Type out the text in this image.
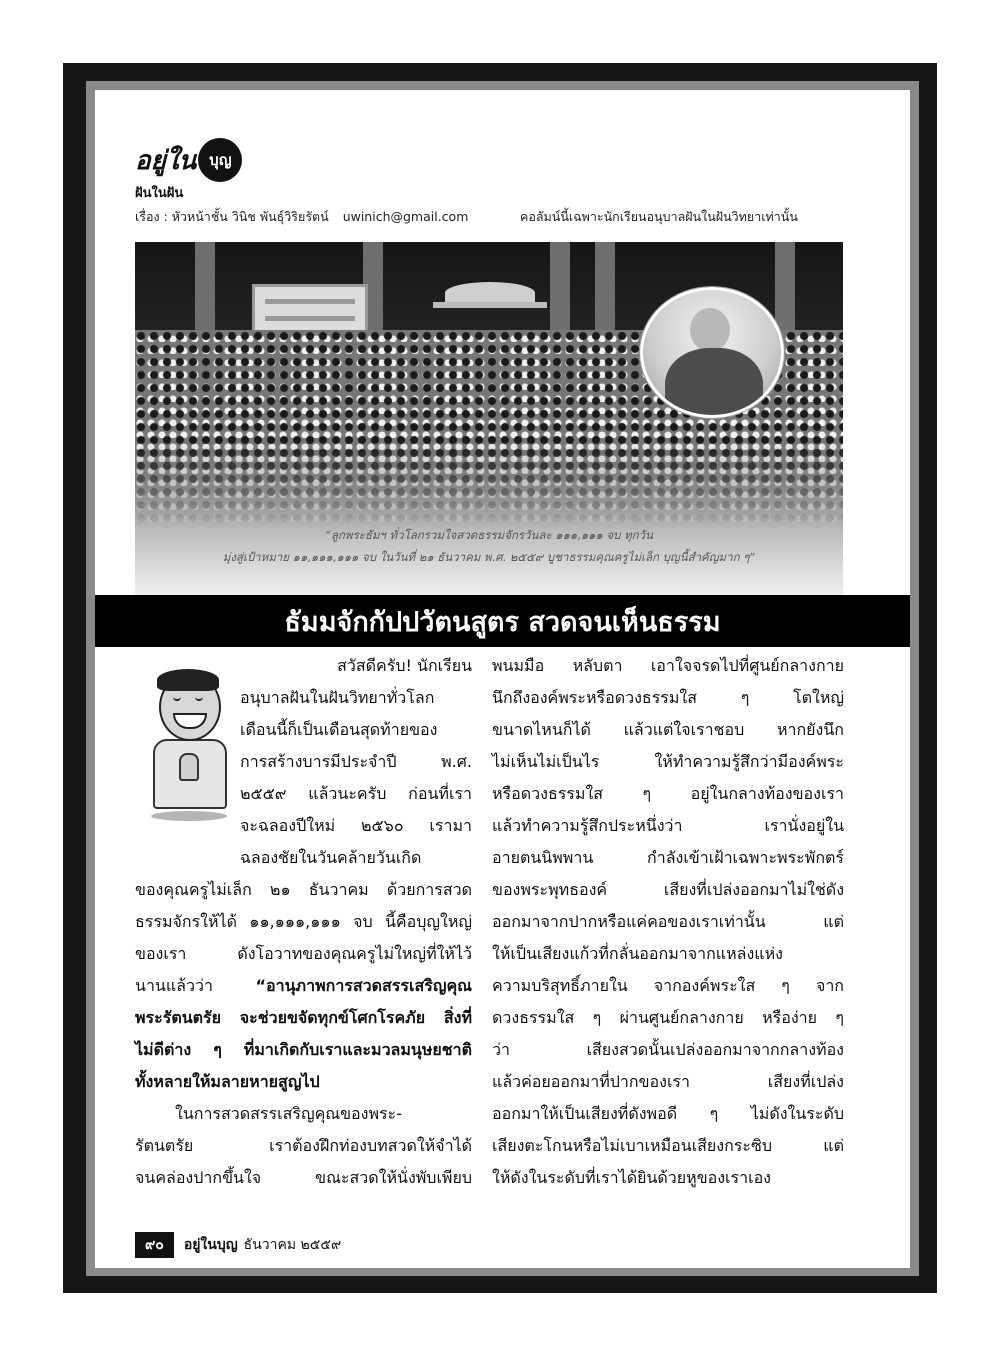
อยู่ใน บุญ
ฝันในฝัน
เรื่อง : หัวหน้าชั้น วินิช พันธุ์วิริยรัตน์ uwinich@gmail.com	คอลัมน์นี้เฉพาะนักเรียนอนุบาลฝันในฝันวิทยาเท่านั้น
“ลูกพระธัมฯ ทั่วโลกรวมใจสวดธรรมจักรวันละ ๑๑๑,๑๑๑ จบ ทุกวัน
มุ่งสู่เป้าหมาย ๑๑,๑๑๑,๑๑๑ จบ ในวันที่ ๒๑ ธันวาคม พ.ศ. ๒๕๕๙ บูชาธรรมคุณครูไม่เล็ก บุญนี้สำคัญมาก ๆ”
ธัมมจักกัปปวัตนสูตร สวดจนเห็นธรรม
สวัสดีครับ! นักเรียน
อนุบาลฝันในฝันวิทยาทั่วโลก
เดือนนี้ก็เป็นเดือนสุดท้ายของ
การสร้างบารมีประจำปี พ.ศ.
๒๕๕๙ แล้วนะครับ ก่อนที่เรา
จะฉลองปีใหม่ ๒๕๖๐ เรามา
ฉลองชัยในวันคล้ายวันเกิด
ของคุณครูไม่เล็ก ๒๑ ธันวาคม ด้วยการสวด
ธรรมจักรให้ได้ ๑๑,๑๑๑,๑๑๑ จบ นี้คือบุญใหญ่
ของเรา ดังโอวาทของคุณครูไม่ใหญ่ที่ให้ไว้
นานแล้วว่า “อานุภาพการสวดสรรเสริญคุณ
พระรัตนตรัย จะช่วยขจัดทุกข์โศกโรคภัย สิ่งที่
ไม่ดีต่าง ๆ ที่มาเกิดกับเราและมวลมนุษยชาติ
ทั้งหลายให้มลายหายสูญไป
ในการสวดสรรเสริญคุณของพระ-
รัตนตรัย เราต้องฝึกท่องบทสวดให้จำได้
จนคล่องปากขึ้นใจ ขณะสวดให้นั่งพับเพียบ
พนมมือ หลับตา เอาใจจรดไปที่ศูนย์กลางกาย
นึกถึงองค์พระหรือดวงธรรมใส ๆ โตใหญ่
ขนาดไหนก็ได้ แล้วแต่ใจเราชอบ หากยังนึก
ไม่เห็นไม่เป็นไร ให้ทำความรู้สึกว่ามีองค์พระ
หรือดวงธรรมใส ๆ อยู่ในกลางท้องของเรา
แล้วทำความรู้สึกประหนึ่งว่า เรานั่งอยู่ใน
อายตนนิพพาน กำลังเข้าเฝ้าเฉพาะพระพักตร์
ของพระพุทธองค์ เสียงที่เปล่งออกมาไม่ใช่ดัง
ออกมาจากปากหรือแค่คอของเราเท่านั้น แต่
ให้เป็นเสียงแก้วที่กลั่นออกมาจากแหล่งแห่ง
ความบริสุทธิ์ภายใน จากองค์พระใส ๆ จาก
ดวงธรรมใส ๆ ผ่านศูนย์กลางกาย หรือง่าย ๆ
ว่า เสียงสวดนั้นเปล่งออกมาจากกลางท้อง
แล้วค่อยออกมาที่ปากของเรา เสียงที่เปล่ง
ออกมาให้เป็นเสียงที่ดังพอดี ๆ ไม่ดังในระดับ
เสียงตะโกนหรือไม่เบาเหมือนเสียงกระซิบ แต่
ให้ดังในระดับที่เราได้ยินด้วยหูของเราเอง
๙๐	อยู่ในบุญ ธันวาคม ๒๕๕๙
